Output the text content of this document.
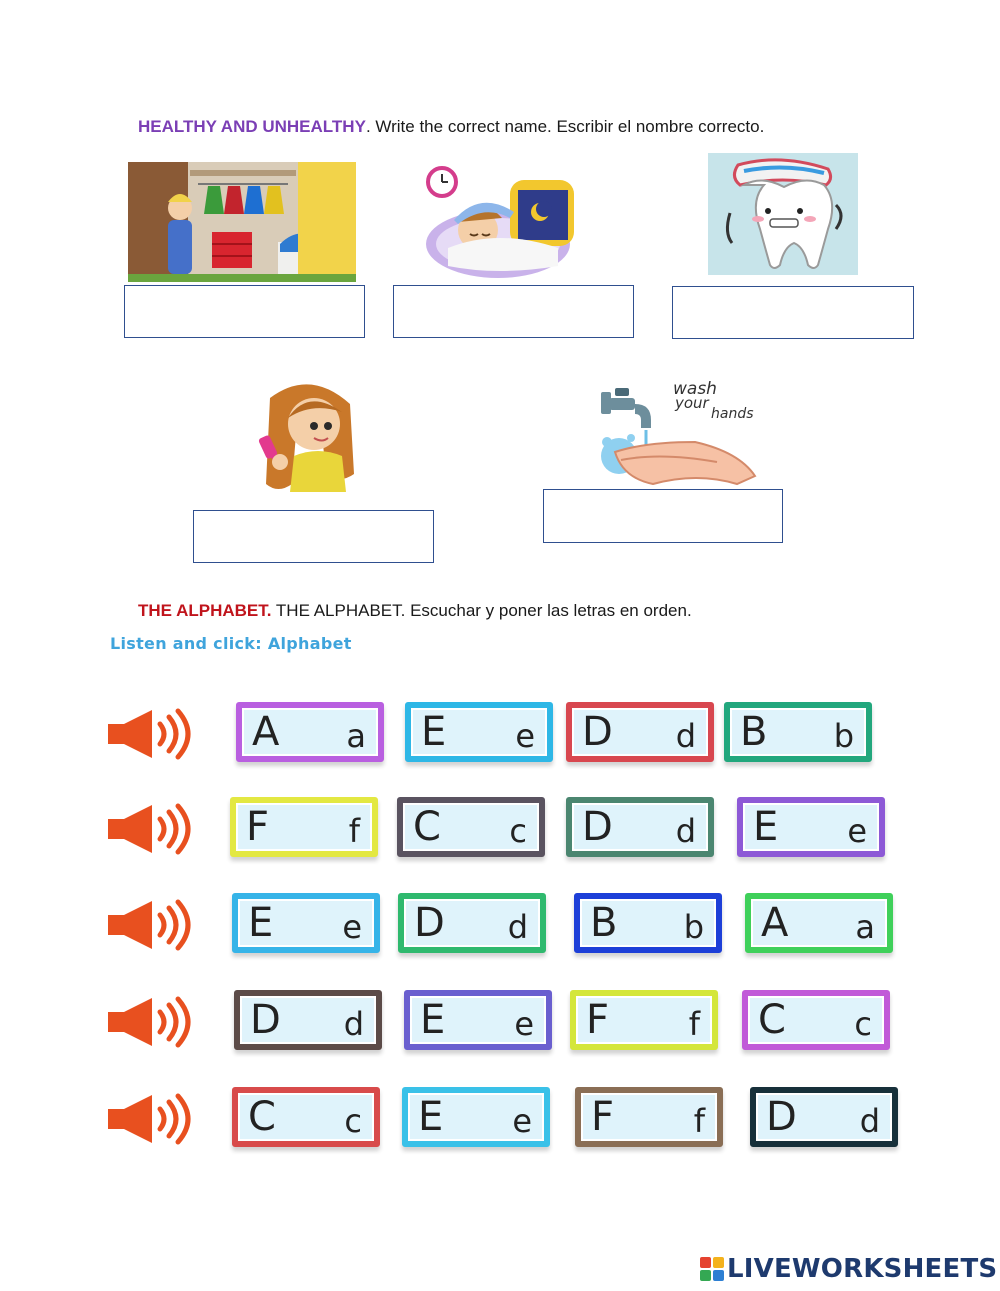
HEALTHY AND UNHEALTHY. Write the correct name. Escribir el nombre correcto.
wash
your
hands
THE ALPHABET. THE ALPHABET. Escuchar y poner las letras en orden.
Listen and click: Alphabet
A a E e D d B b
F f C c D d E e
E e D d B b A a
D d E e F f C c
C c E e F f D d
LIVEWORKSHEETS
